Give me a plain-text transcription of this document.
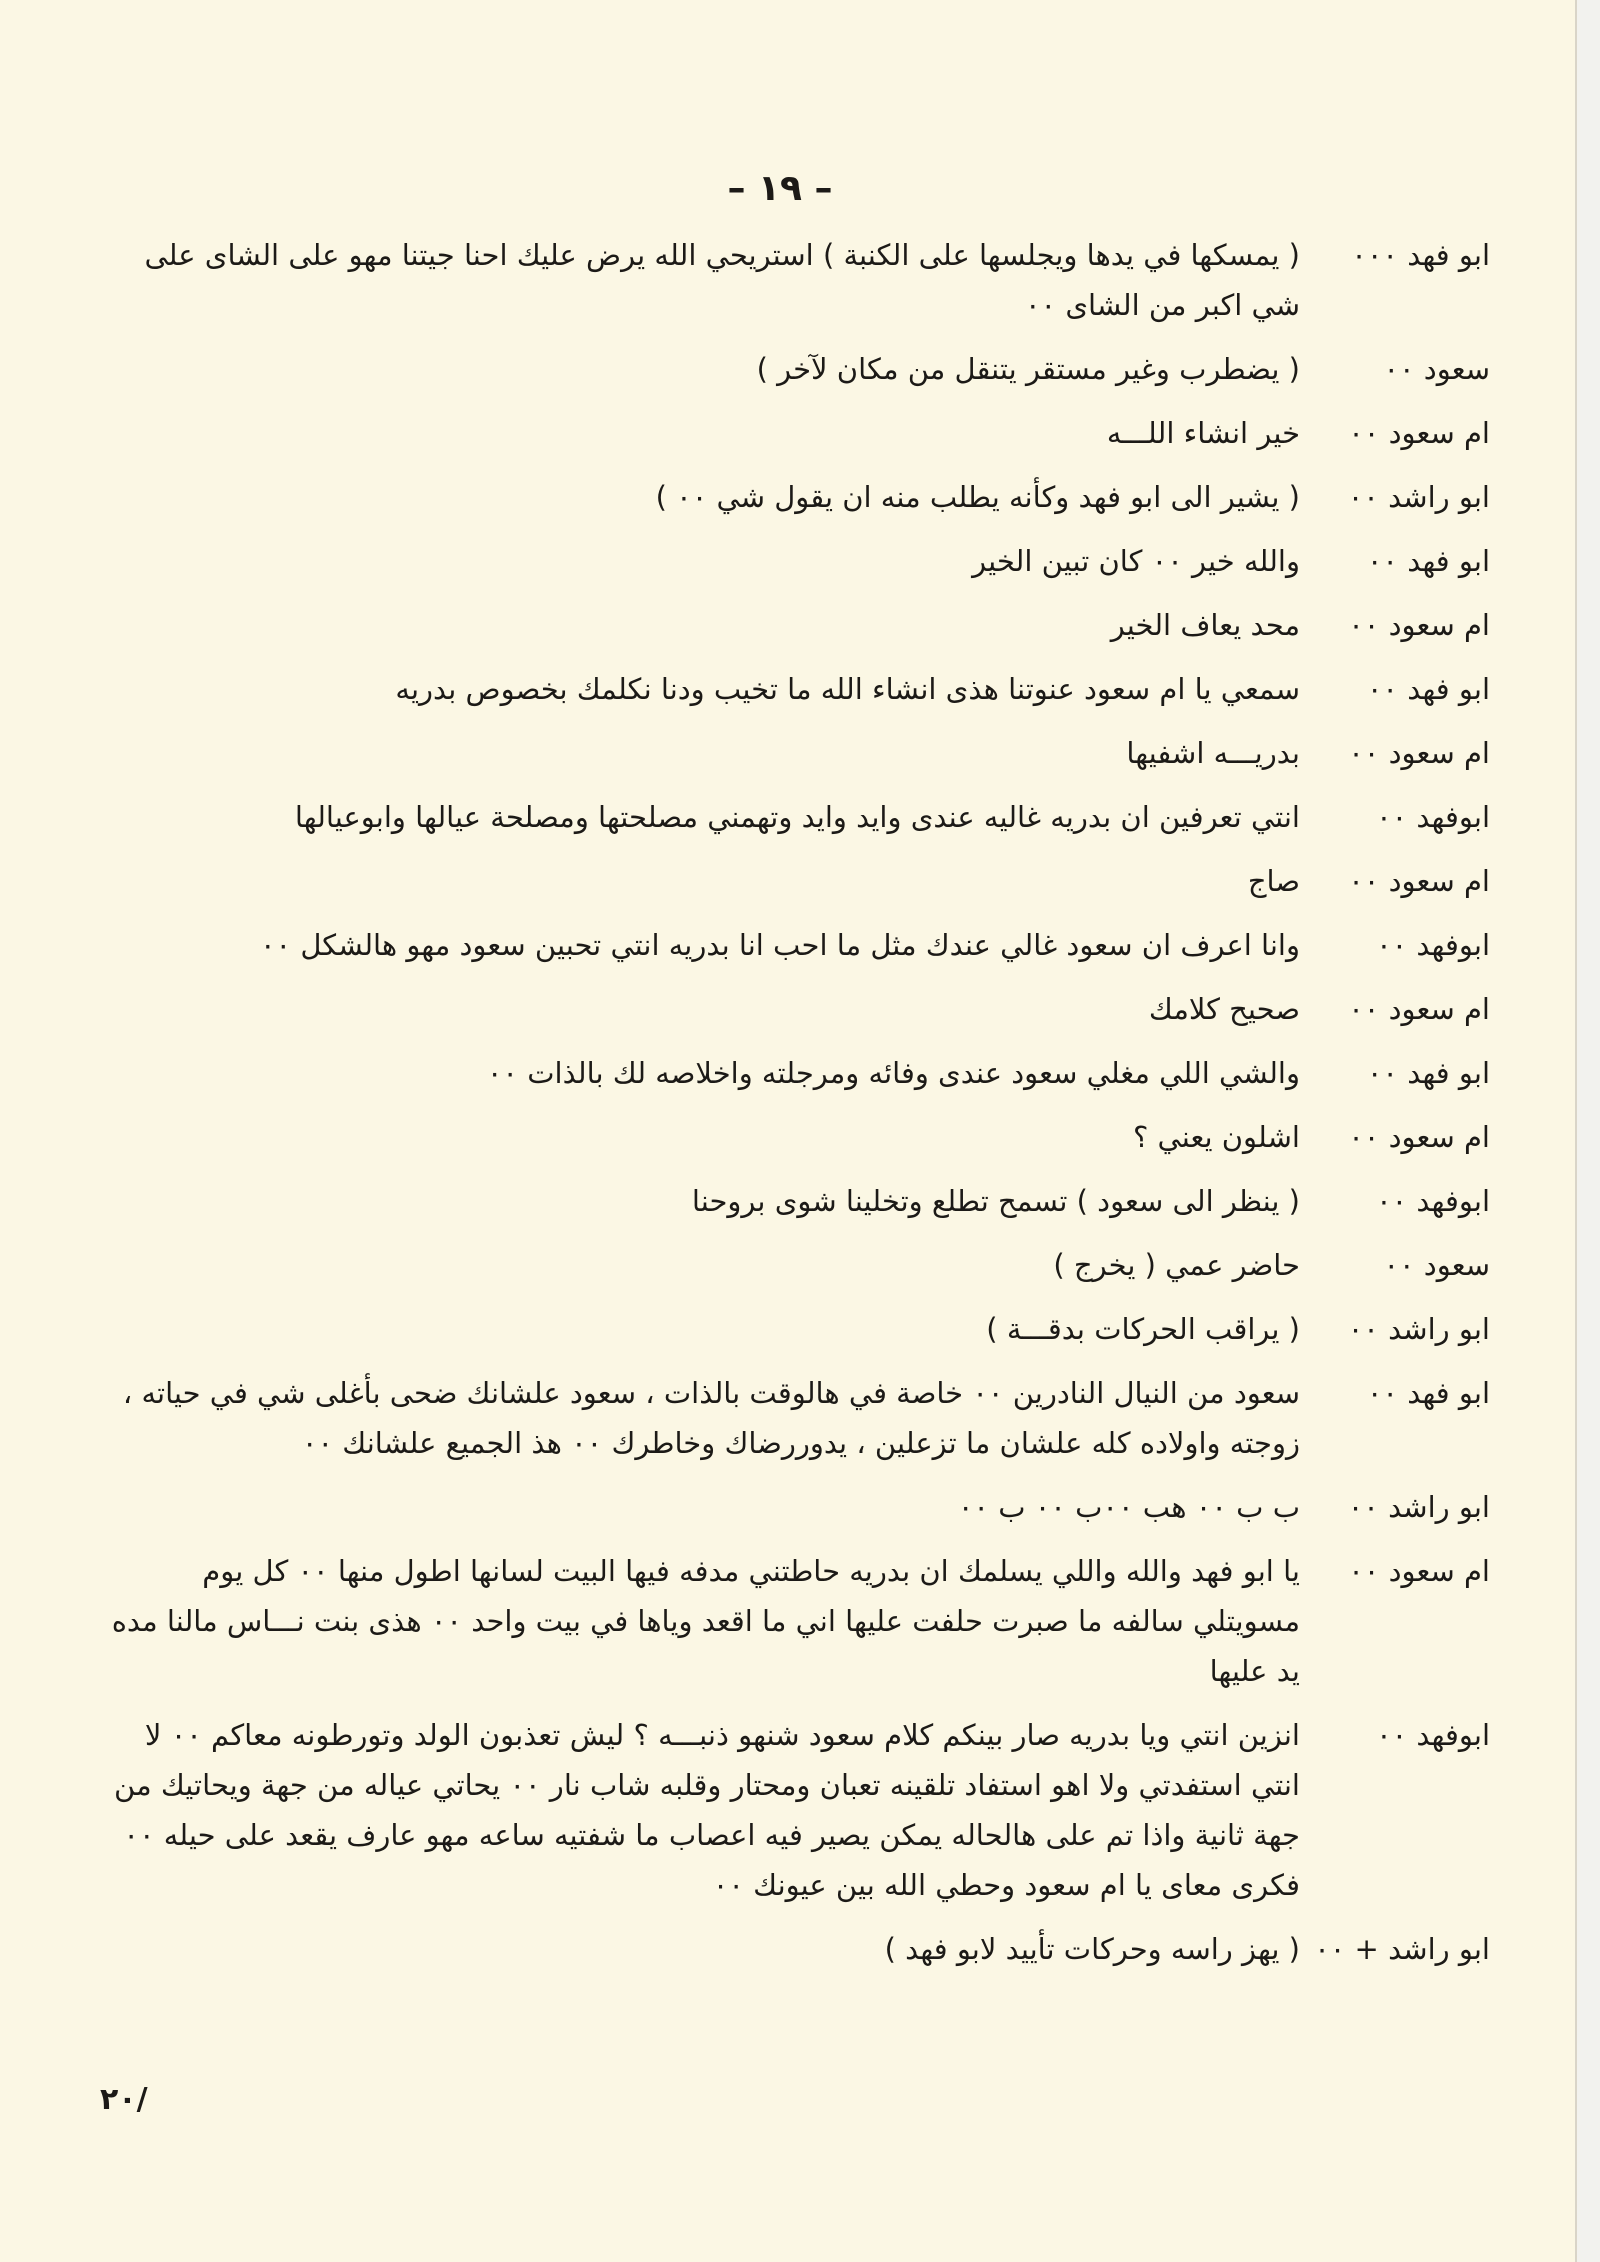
– ١٩ –
ابو فهد ٠٠٠
( يمسكها في يدها ويجلسها على الكنبة ) استريحي الله يرض عليك احنا جيتنا مهو على الشاى على شي اكبر من الشاى ٠٠
سعود ٠٠
( يضطرب وغير مستقر يتنقل من مكان لآخر )
ام سعود ٠٠
خير انشاء اللـــه
ابو راشد ٠٠
( يشير الى ابو فهد وكأنه يطلب منه ان يقول شي ٠٠ )
ابو فهد ٠٠
والله خير ٠٠ كان تبين الخير
ام سعود ٠٠
محد يعاف الخير
ابو فهد ٠٠
سمعي يا ام سعود عنوتنا هذى انشاء الله ما تخيب ودنا نكلمك بخصوص بدريه
ام سعود ٠٠
بدريـــه اشفيها
ابوفهد ٠٠
انتي تعرفين ان بدريه غاليه عندى وايد وايد وتهمني مصلحتها ومصلحة عيالها وابوعيالها
ام سعود ٠٠
صاج
ابوفهد ٠٠
وانا اعرف ان سعود غالي عندك مثل ما احب انا بدريه انتي تحبين سعود مهو هالشكل ٠٠
ام سعود ٠٠
صحيح كلامك
ابو فهد ٠٠
والشي اللي مغلي سعود عندى وفائه ومرجلته واخلاصه لك بالذات ٠٠
ام سعود ٠٠
اشلون يعني ؟
ابوفهد ٠٠
( ينظر الى سعود ) تسمح تطلع وتخلينا شوى بروحنا
سعود ٠٠
حاضر عمي ( يخرج )
ابو راشد ٠٠
( يراقب الحركات بدقـــة )
ابو فهد ٠٠
سعود من النيال النادرين ٠٠ خاصة في هالوقت بالذات ، سعود علشانك ضحى بأغلى شي في حياته ، زوجته واولاده كله علشان ما تزعلين ، يدوررضاك وخاطرك ٠٠ هذ الجميع علشانك ٠٠
ابو راشد ٠٠
ب ب ٠٠ هب ٠٠ب ٠٠ ب ٠٠
ام سعود ٠٠
يا ابو فهد والله واللي يسلمك ان بدريه حاطتني مدفه فيها البيت لسانها اطول منها ٠٠ كل يوم مسويتلي سالفه ما صبرت حلفت عليها اني ما اقعد وياها في بيت واحد ٠٠ هذى بنت نـــاس مالنا مده يد عليها
ابوفهد ٠٠
انزين انتي ويا بدريه صار بينكم كلام سعود شنهو ذنبـــه ؟ ليش تعذبون الولد وتورطونه معاكم ٠٠ لا انتي استفدتي ولا اهو استفاد تلقينه تعبان ومحتار وقلبه شاب نار ٠٠ يحاتي عياله من جهة ويحاتيك من جهة ثانية واذا تم على هالحاله يمكن يصير فيه اعصاب ما شفتيه ساعه مهو عارف يقعد على حيله ٠٠ فكرى معاى يا ام سعود وحطي الله بين عيونك ٠٠
ابو راشد + ٠٠
( يهز راسه وحركات تأييد لابو فهد )
/٢٠
